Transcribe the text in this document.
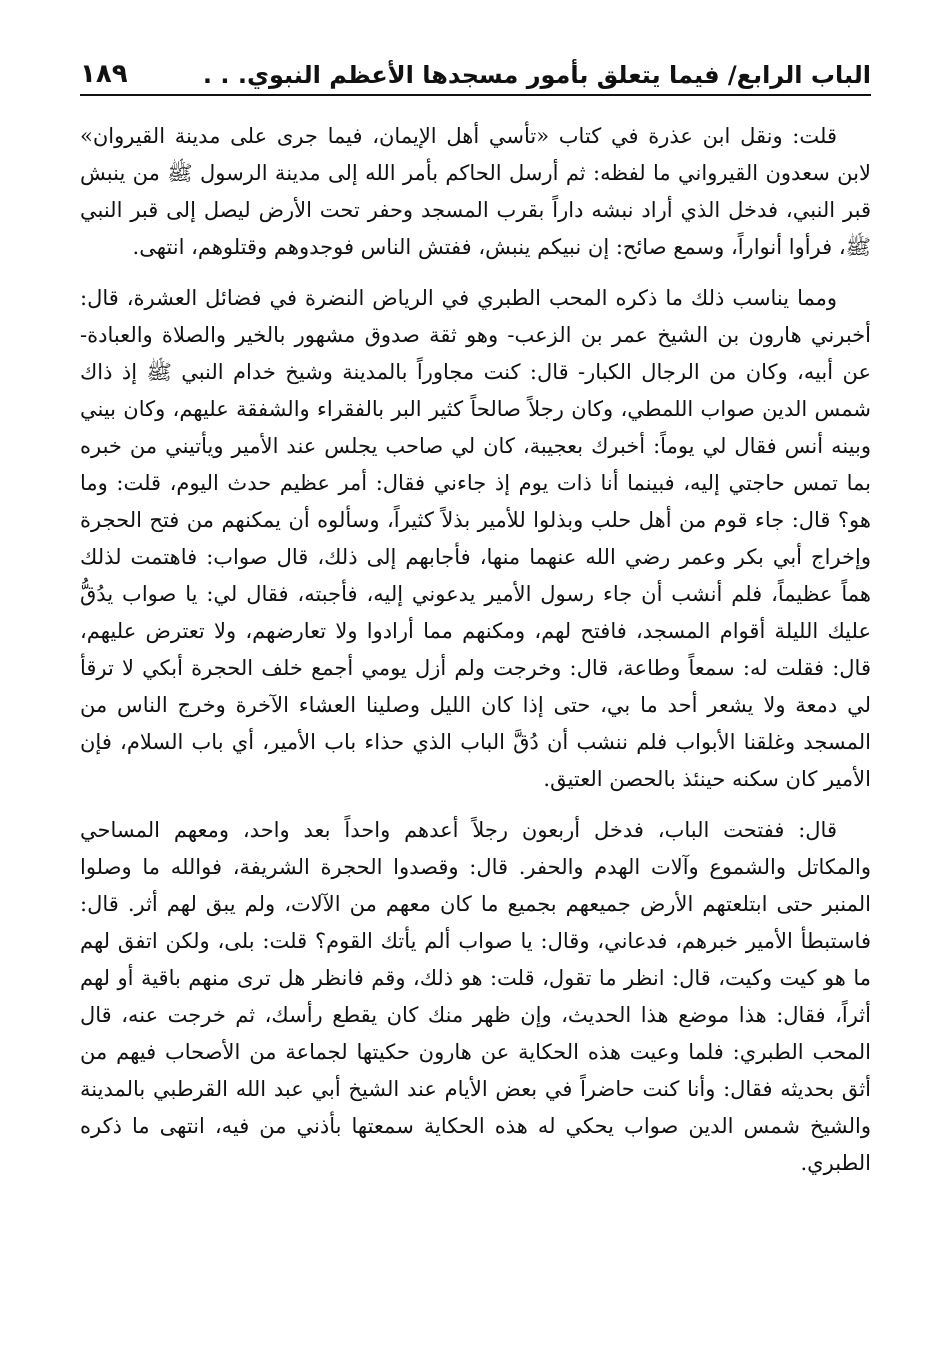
الباب الرابع/ فيما يتعلق بأمور مسجدها الأعظم النبوي. . .
١٨٩

قلت: ونقل ابن عذرة في كتاب «تأسي أهل الإيمان، فيما جرى على مدينة القيروان» لابن سعدون القيرواني ما لفظه: ثم أرسل الحاكم بأمر الله إلى مدينة الرسول ﷺ من ينبش قبر النبي، فدخل الذي أراد نبشه داراً بقرب المسجد وحفر تحت الأرض ليصل إلى قبر النبي ﷺ، فرأوا أنواراً، وسمع صائح: إن نبيكم ينبش، ففتش الناس فوجدوهم وقتلوهم، انتهى.

ومما يناسب ذلك ما ذكره المحب الطبري في الرياض النضرة في فضائل العشرة، قال: أخبرني هارون بن الشيخ عمر بن الزعب- وهو ثقة صدوق مشهور بالخير والصلاة والعبادة- عن أبيه، وكان من الرجال الكبار- قال: كنت مجاوراً بالمدينة وشيخ خدام النبي ﷺ إذ ذاك شمس الدين صواب اللمطي، وكان رجلاً صالحاً كثير البر بالفقراء والشفقة عليهم، وكان بيني وبينه أنس فقال لي يوماً: أخبرك بعجيبة، كان لي صاحب يجلس عند الأمير ويأتيني من خبره بما تمس حاجتي إليه، فبينما أنا ذات يوم إذ جاءني فقال: أمر عظيم حدث اليوم، قلت: وما هو؟ قال: جاء قوم من أهل حلب وبذلوا للأمير بذلاً كثيراً، وسألوه أن يمكنهم من فتح الحجرة وإخراج أبي بكر وعمر رضي الله عنهما منها، فأجابهم إلى ذلك، قال صواب: فاهتمت لذلك هماً عظيماً، فلم أنشب أن جاء رسول الأمير يدعوني إليه، فأجبته، فقال لي: يا صواب يدُقُّ عليك الليلة أقوام المسجد، فافتح لهم، ومكنهم مما أرادوا ولا تعارضهم، ولا تعترض عليهم، قال: فقلت له: سمعاً وطاعة، قال: وخرجت ولم أزل يومي أجمع خلف الحجرة أبكي لا ترقأ لي دمعة ولا يشعر أحد ما بي، حتى إذا كان الليل وصلينا العشاء الآخرة وخرج الناس من المسجد وغلقنا الأبواب فلم ننشب أن دُقَّ الباب الذي حذاء باب الأمير، أي باب السلام، فإن الأمير كان سكنه حينئذ بالحصن العتيق.

قال: ففتحت الباب، فدخل أربعون رجلاً أعدهم واحداً بعد واحد، ومعهم المساحي والمكاتل والشموع وآلات الهدم والحفر. قال: وقصدوا الحجرة الشريفة، فوالله ما وصلوا المنبر حتى ابتلعتهم الأرض جميعهم بجميع ما كان معهم من الآلات، ولم يبق لهم أثر. قال: فاستبطأ الأمير خبرهم، فدعاني، وقال: يا صواب ألم يأتك القوم؟ قلت: بلى، ولكن اتفق لهم ما هو كيت وكيت، قال: انظر ما تقول، قلت: هو ذلك، وقم فانظر هل ترى منهم باقية أو لهم أثراً، فقال: هذا موضع هذا الحديث، وإن ظهر منك كان يقطع رأسك، ثم خرجت عنه، قال المحب الطبري: فلما وعيت هذه الحكاية عن هارون حكيتها لجماعة من الأصحاب فيهم من أثق بحديثه فقال: وأنا كنت حاضراً في بعض الأيام عند الشيخ أبي عبد الله القرطبي بالمدينة والشيخ شمس الدين صواب يحكي له هذه الحكاية سمعتها بأذني من فيه، انتهى ما ذكره الطبري.
